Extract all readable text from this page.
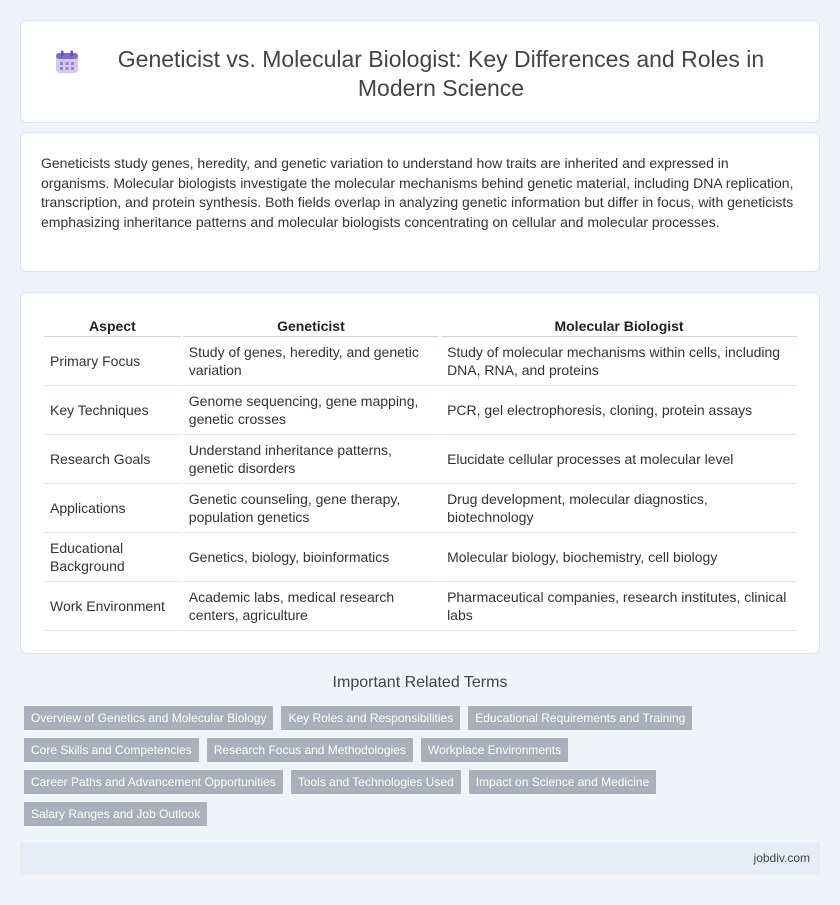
Geneticist vs. Molecular Biologist: Key Differences and Roles in Modern Science

Geneticists study genes, heredity, and genetic variation to understand how traits are inherited and expressed in organisms. Molecular biologists investigate the molecular mechanisms behind genetic material, including DNA replication, transcription, and protein synthesis. Both fields overlap in analyzing genetic information but differ in focus, with geneticists emphasizing inheritance patterns and molecular biologists concentrating on cellular and molecular processes.

Aspect	Geneticist	Molecular Biologist
Primary Focus	Study of genes, heredity, and genetic variation	Study of molecular mechanisms within cells, including DNA, RNA, and proteins
Key Techniques	Genome sequencing, gene mapping, genetic crosses	PCR, gel electrophoresis, cloning, protein assays
Research Goals	Understand inheritance patterns, genetic disorders	Elucidate cellular processes at molecular level
Applications	Genetic counseling, gene therapy, population genetics	Drug development, molecular diagnostics, biotechnology
Educational Background	Genetics, biology, bioinformatics	Molecular biology, biochemistry, cell biology
Work Environment	Academic labs, medical research centers, agriculture	Pharmaceutical companies, research institutes, clinical labs
Important Related Terms
Overview of Genetics and Molecular Biology	Key Roles and Responsibilities	Educational Requirements and Training
Core Skills and Competencies	Research Focus and Methodologies	Workplace Environments
Career Paths and Advancement Opportunities	Tools and Technologies Used	Impact on Science and Medicine
Salary Ranges and Job Outlook
jobdiv.com
